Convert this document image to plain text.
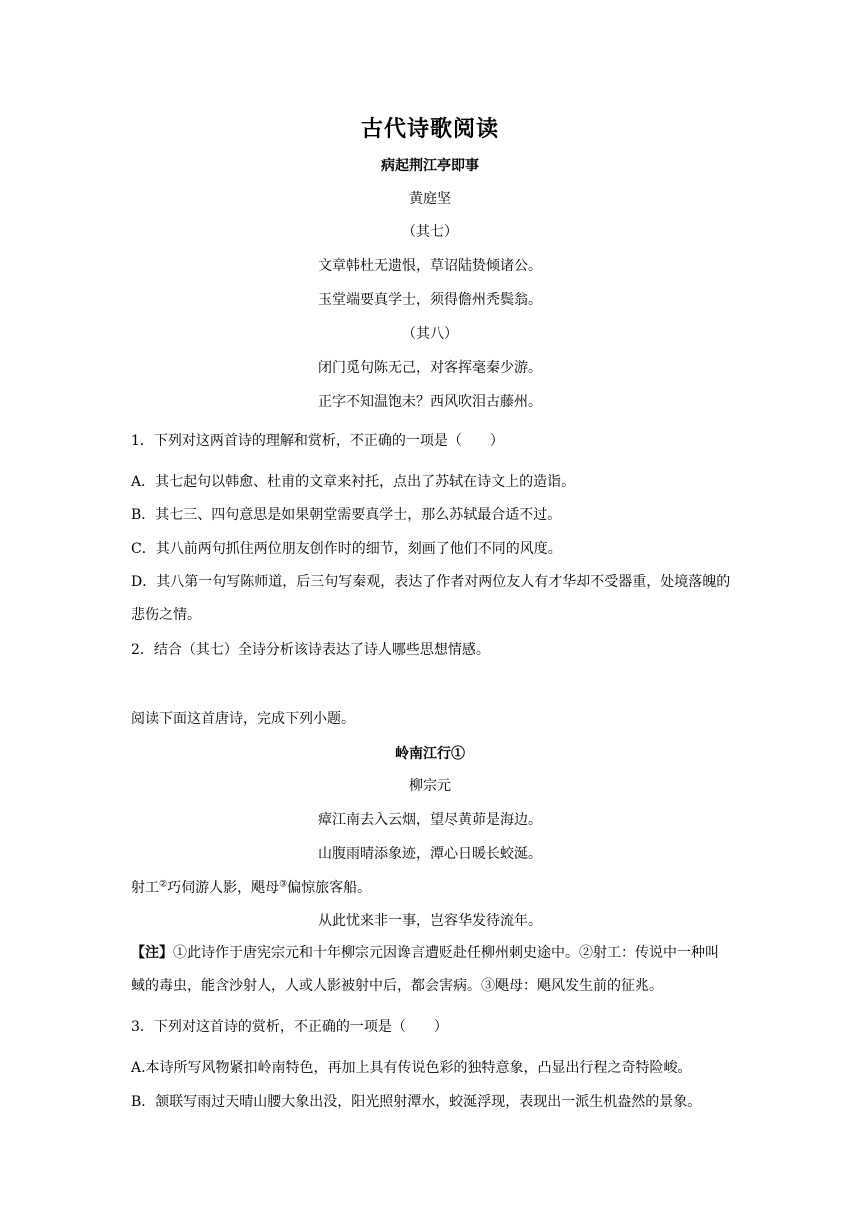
古代诗歌阅读
病起荆江亭即事
黄庭坚
（其七）
文章韩杜无遗恨，草诏陆贽倾诸公。
玉堂端要真学士，须得儋州秃鬓翁。
（其八）
闭门觅句陈无己，对客挥毫秦少游。
正字不知温饱未？西风吹泪古藤州。
1．下列对这两首诗的理解和赏析，不正确的一项是（　　）
A．其七起句以韩愈、杜甫的文章来衬托，点出了苏轼在诗文上的造诣。
B．其七三、四句意思是如果朝堂需要真学士，那么苏轼最合适不过。
C．其八前两句抓住两位朋友创作时的细节，刻画了他们不同的风度。
D．其八第一句写陈师道，后三句写秦观，表达了作者对两位友人有才华却不受器重，处境落魄的悲伤之情。
2．结合（其七）全诗分析该诗表达了诗人哪些思想情感。
阅读下面这首唐诗，完成下列小题。
岭南江行①
柳宗元
瘴江南去入云烟，望尽黄茆是海边。
山腹雨晴添象迹，潭心日暖长蛟涎。
射工②巧伺游人影，飓母③偏惊旅客船。
从此忧来非一事，岂容华发待流年。
【注】①此诗作于唐宪宗元和十年柳宗元因谗言遭贬赴任柳州刺史途中。②射工：传说中一种叫蜮的毒虫，能含沙射人，人或人影被射中后，都会害病。③飓母：飓风发生前的征兆。
3．下列对这首诗的赏析，不正确的一项是（　　）
A.本诗所写风物紧扣岭南特色，再加上具有传说色彩的独特意象，凸显出行程之奇特险峻。
B．颔联写雨过天晴山腰大象出没，阳光照射潭水，蛟涎浮现，表现出一派生机盎然的景象。
